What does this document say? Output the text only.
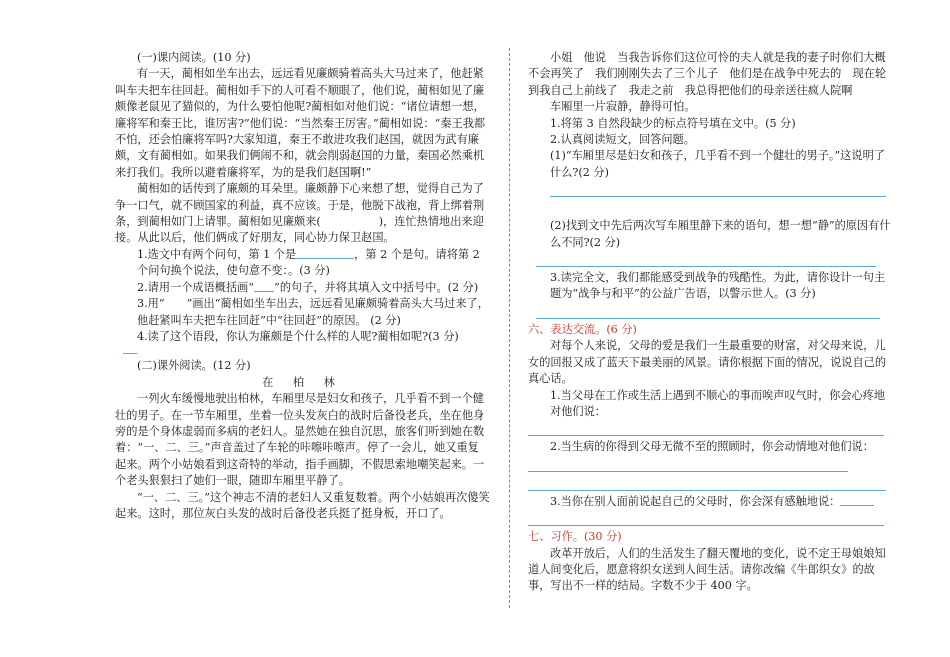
(一)课内阅读。(10 分)

有一天，蔺相如坐车出去，远远看见廉颇骑着高头大马过来了，他赶紧叫车夫把车往回赶。蔺相如手下的人可看不顺眼了，他们说，蔺相如见了廉颇像老鼠见了猫似的，为什么要怕他呢?蔺相如对他们说：“诸位请想一想，廉将军和秦王比，谁厉害?”他们说：“当然秦王厉害。”蔺相如说：“秦王我都不怕，还会怕廉将军吗?大家知道，秦王不敢进攻我们赵国，就因为武有廉颇，文有蔺相如。如果我们俩闹不和，就会削弱赵国的力量，秦国必然乘机来打我们。我所以避着廉将军，为的是我们赵国啊!”

蔺相如的话传到了廉颇的耳朵里。廉颇静下心来想了想，觉得自己为了争一口气，就不顾国家的利益，真不应该。于是，他脱下战袍，背上绑着荆条，到蔺相如门上请罪。蔺相如见廉颇来(	)，连忙热情地出来迎接。从此以后，他们俩成了好朋友，同心协力保卫赵国。

1.选文中有两个问句，第 1 个是	，第 2 个是句。请将第 2 个问句换个说法，使句意不变：。(3 分)

2.请用一个成语概括画“ ”的句子，并将其填入文中括号中。(2 分)

3.用“ ”画出“蔺相如坐车出去，远远看见廉颇骑着高头大马过来了，他赶紧叫车夫把车往回赶”中“往回赶”的原因。 (2 分)

4.读了这个语段，你认为廉颇是个什么样的人呢?蔺相如呢?(3 分)

(二)课外阅读。(12 分)

在 柏 林

一列火车缓慢地驶出柏林，车厢里尽是妇女和孩子，几乎看不到一个健壮的男子。在一节车厢里，坐着一位头发灰白的战时后备役老兵，坐在他身旁的是个身体虚弱而多病的老妇人。显然她在独自沉思，旅客们听到她在数着：“一、二、三。”声音盖过了车轮的咔嚓咔嚓声。停了一会儿，她又重复起来。两个小姑娘看到这奇特的举动，指手画脚，不假思索地嘲笑起来。一个老头狠狠扫了她们一眼，随即车厢里平静了。

“一、二、三。”这个神志不清的老妇人又重复数着。两个小姑娘再次傻笑起来。这时，那位灰白头发的战时后备役老兵挺了挺身板，开口了。

小姐　他说　当我告诉你们这位可怜的夫人就是我的妻子时你们大概不会再笑了　我们刚刚失去了三个儿子　他们是在战争中死去的　现在轮到我自己上前线了　我走之前　我总得把他们的母亲送往疯人院啊

车厢里一片寂静，静得可怕。

1.将第 3 自然段缺少的标点符号填在文中。(5 分)

2.认真阅读短文，回答问题。

(1)“车厢里尽是妇女和孩子，几乎看不到一个健壮的男子。”这说明了什么?(2 分)

(2)找到文中先后两次写车厢里静下来的语句，想一想“静”的原因有什么不同?(2 分)

3.读完全文，我们都能感受到战争的残酷性。为此，请你设计一句主题为“战争与和平”的公益广告语，以警示世人。(3 分)

六、表达交流。(6 分)

对每个人来说，父母的爱是我们一生最重要的财富，对父母来说，儿女的回报又成了蓝天下最美丽的风景。请你根据下面的情况，说说自己的真心话。

1.当父母在工作或生活上遇到不顺心的事而唉声叹气时，你会心疼地对他们说：

2.当生病的你得到父母无微不至的照顾时，你会动情地对他们说：

3.当你在别人面前说起自己的父母时，你会深有感触地说：

七、习作。(30 分)

改革开放后，人们的生活发生了翻天覆地的变化，说不定王母娘娘知道人间变化后，愿意将织女送到人间生活。请你改编《牛郎织女》的故事，写出不一样的结局。字数不少于 400 字。
